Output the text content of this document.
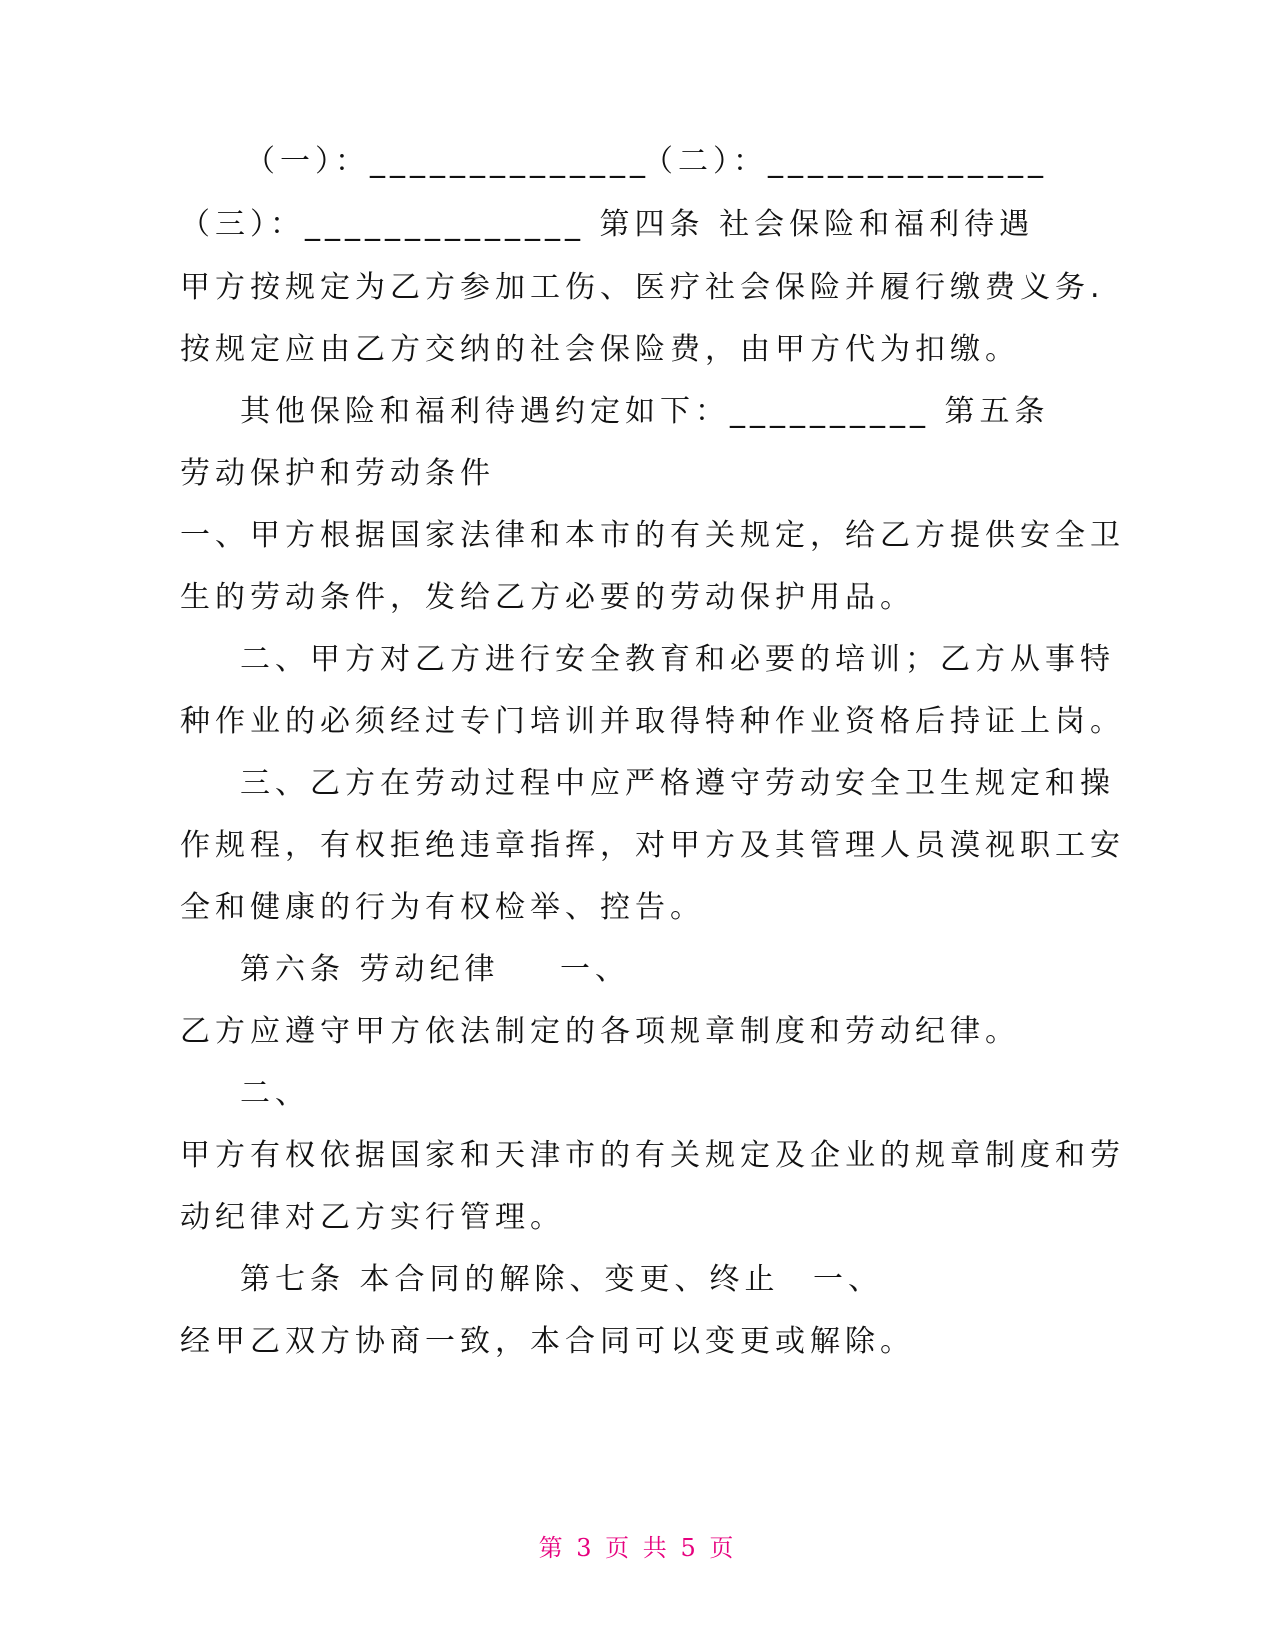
（一）：______________
（二）：______________
（三）：______________ 第四条 社会保险和福利待遇
甲方按规定为乙方参加工伤、医疗社会保险并履行缴费义务.
按规定应由乙方交纳的社会保险费，由甲方代为扣缴。
其他保险和福利待遇约定如下：__________ 第五条
劳动保护和劳动条件
一、甲方根据国家法律和本市的有关规定，给乙方提供安全卫
生的劳动条件，发给乙方必要的劳动保护用品。
二、甲方对乙方进行安全教育和必要的培训；乙方从事特
种作业的必须经过专门培训并取得特种作业资格后持证上岗。
三、乙方在劳动过程中应严格遵守劳动安全卫生规定和操
作规程，有权拒绝违章指挥，对甲方及其管理人员漠视职工安
全和健康的行为有权检举、控告。
第六条 劳动纪律 一、
乙方应遵守甲方依法制定的各项规章制度和劳动纪律。
二、
甲方有权依据国家和天津市的有关规定及企业的规章制度和劳
动纪律对乙方实行管理。
第七条 本合同的解除、变更、终止 一、
经甲乙双方协商一致，本合同可以变更或解除。
第 3 页 共 5 页
